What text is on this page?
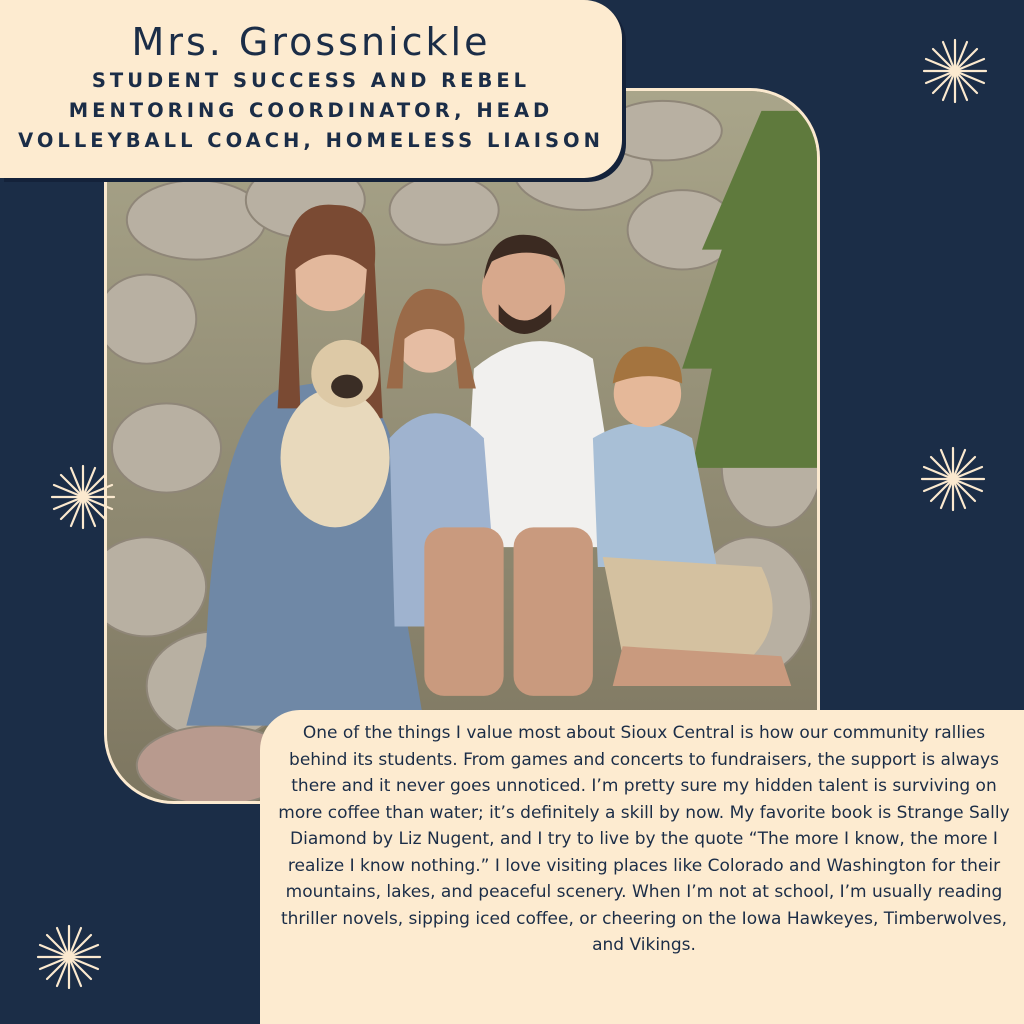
Mrs. Grossnickle
STUDENT SUCCESS AND REBEL MENTORING COORDINATOR, HEAD VOLLEYBALL COACH, HOMELESS LIAISON

One of the things I value most about Sioux Central is how our community rallies behind its students. From games and concerts to fundraisers, the support is always there and it never goes unnoticed. I’m pretty sure my hidden talent is surviving on more coffee than water; it’s definitely a skill by now. My favorite book is Strange Sally Diamond by Liz Nugent, and I try to live by the quote “The more I know, the more I realize I know nothing.” I love visiting places like Colorado and Washington for their mountains, lakes, and peaceful scenery. When I’m not at school, I’m usually reading thriller novels, sipping iced coffee, or cheering on the Iowa Hawkeyes, Timberwolves, and Vikings.
